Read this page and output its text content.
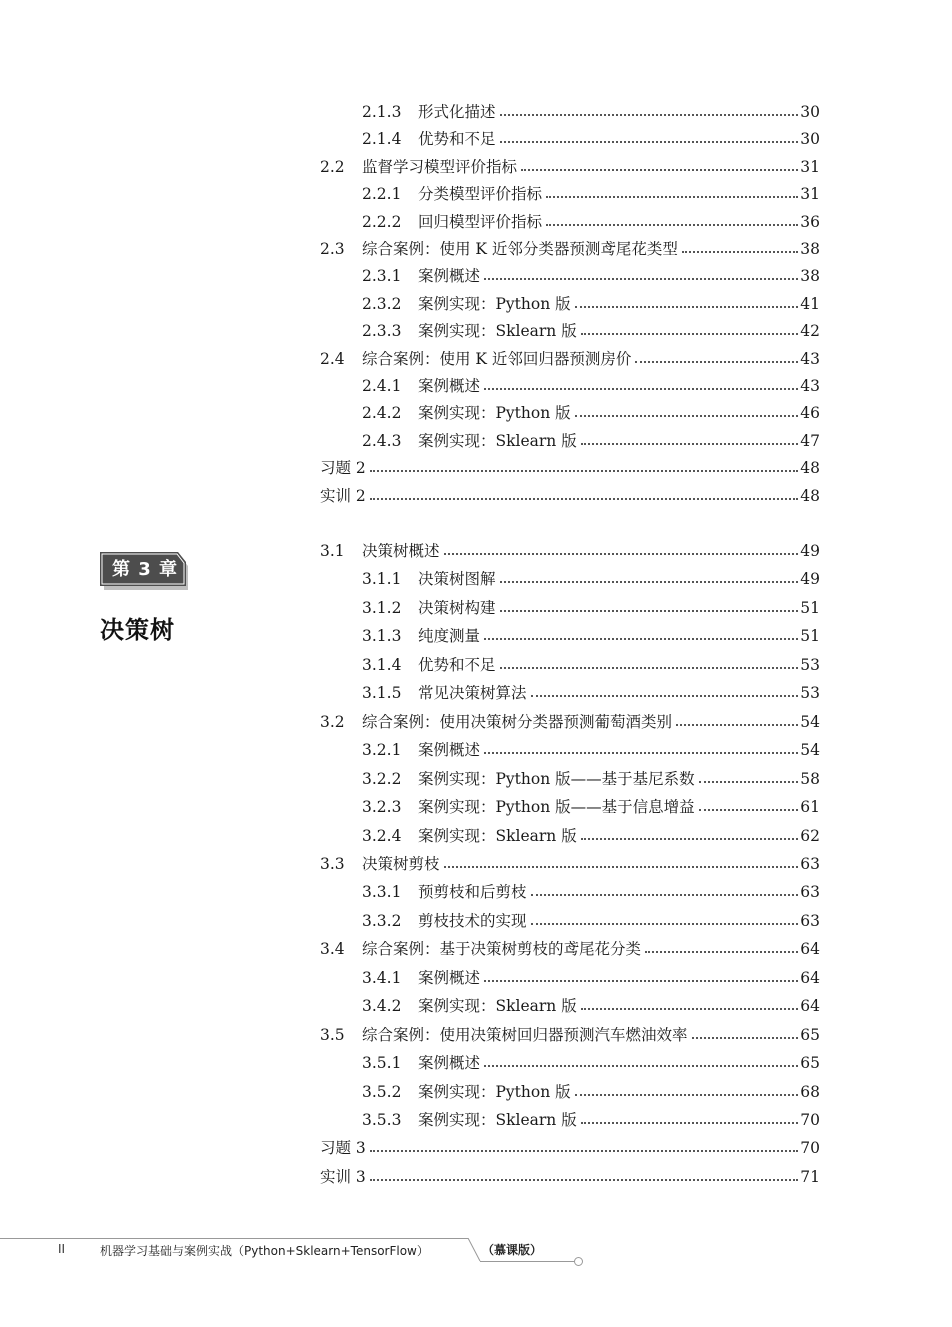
2.1.3	形式化描述	30
2.1.4	优势和不足	30
2.2	监督学习模型评价指标	31
2.2.1	分类模型评价指标	31
2.2.2	回归模型评价指标	36
2.3	综合案例：使用 K 近邻分类器预测鸢尾花类型	38
2.3.1	案例概述	38
2.3.2	案例实现：Python 版	41
2.3.3	案例实现：Sklearn 版	42
2.4	综合案例：使用 K 近邻回归器预测房价	43
2.4.1	案例概述	43
2.4.2	案例实现：Python 版	46
2.4.3	案例实现：Sklearn 版	47
习题 2	48
实训 2	48
第 3 章
决策树
3.1	决策树概述	49
3.1.1	决策树图解	49
3.1.2	决策树构建	51
3.1.3	纯度测量	51
3.1.4	优势和不足	53
3.1.5	常见决策树算法	53
3.2	综合案例：使用决策树分类器预测葡萄酒类别	54
3.2.1	案例概述	54
3.2.2	案例实现：Python 版——基于基尼系数	58
3.2.3	案例实现：Python 版——基于信息增益	61
3.2.4	案例实现：Sklearn 版	62
3.3	决策树剪枝	63
3.3.1	预剪枝和后剪枝	63
3.3.2	剪枝技术的实现	63
3.4	综合案例：基于决策树剪枝的鸢尾花分类	64
3.4.1	案例概述	64
3.4.2	案例实现：Sklearn 版	64
3.5	综合案例：使用决策树回归器预测汽车燃油效率	65
3.5.1	案例概述	65
3.5.2	案例实现：Python 版	68
3.5.3	案例实现：Sklearn 版	70
习题 3	70
实训 3	71
II	机器学习基础与案例实战（Python+Sklearn+TensorFlow）	（慕课版）
